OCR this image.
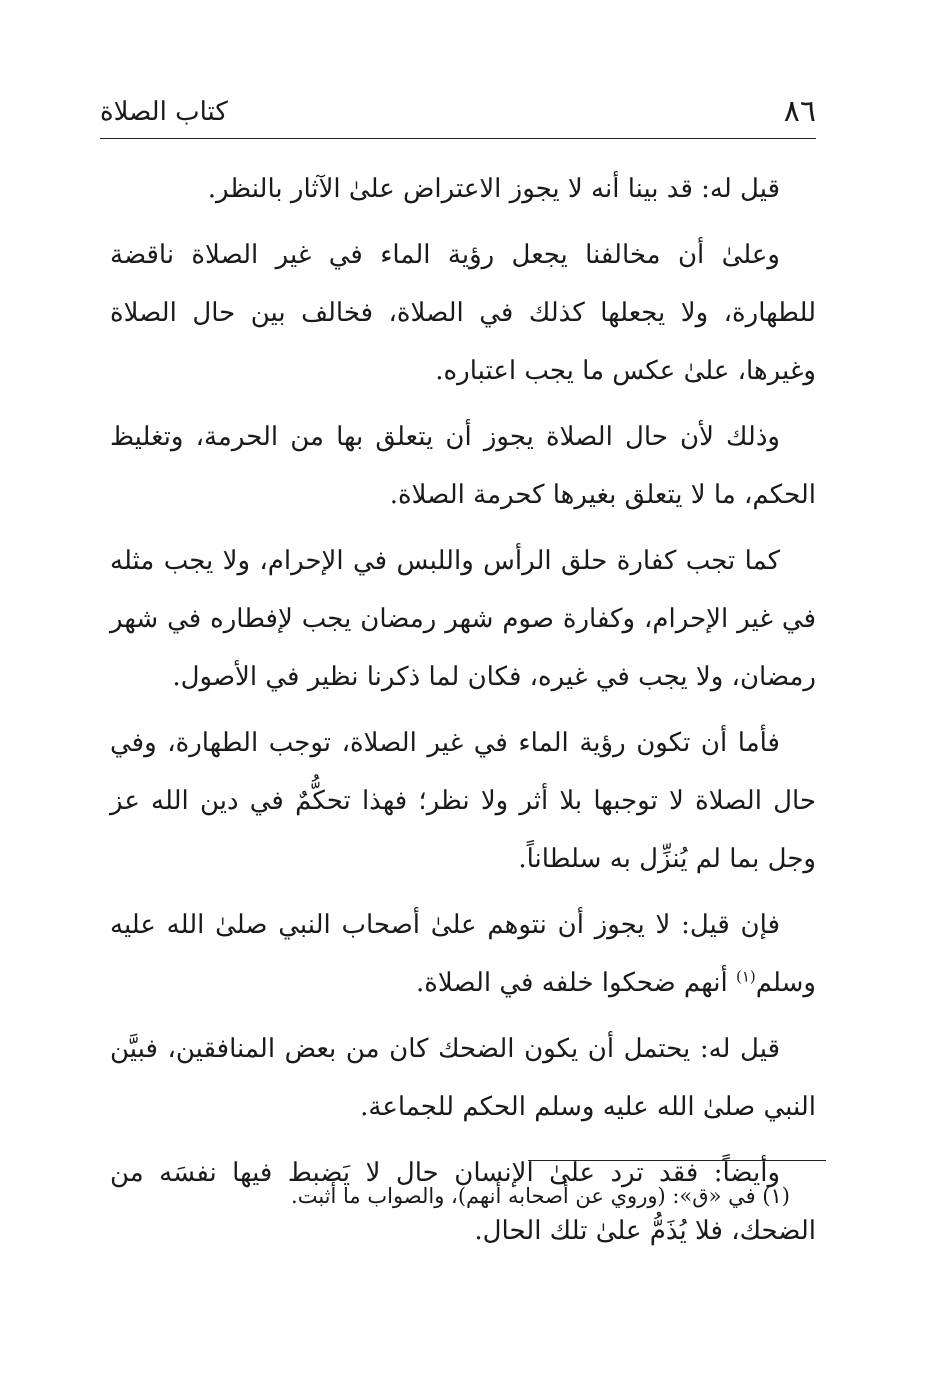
٨٦
كتاب الصلاة

قيل له: قد بينا أنه لا يجوز الاعتراض علىٰ الآثار بالنظر.

وعلىٰ أن مخالفنا يجعل رؤية الماء في غير الصلاة ناقضة للطهارة، ولا يجعلها كذلك في الصلاة، فخالف بين حال الصلاة وغيرها، علىٰ عكس ما يجب اعتباره.

وذلك لأن حال الصلاة يجوز أن يتعلق بها من الحرمة، وتغليظ الحكم، ما لا يتعلق بغيرها كحرمة الصلاة.

كما تجب كفارة حلق الرأس واللبس في الإحرام، ولا يجب مثله في غير الإحرام، وكفارة صوم شهر رمضان يجب لإفطاره في شهر رمضان، ولا يجب في غيره، فكان لما ذكرنا نظير في الأصول.

فأما أن تكون رؤية الماء في غير الصلاة، توجب الطهارة، وفي حال الصلاة لا توجبها بلا أثر ولا نظر؛ فهذا تحكُّمٌ في دين الله عز وجل بما لم يُنزِّل به سلطاناً.

فإن قيل: لا يجوز أن نتوهم علىٰ أصحاب النبي صلىٰ الله عليه وسلم$^{(١)}$ أنهم ضحكوا خلفه في الصلاة.

قيل له: يحتمل أن يكون الضحك كان من بعض المنافقين، فبيَّن النبي صلىٰ الله عليه وسلم الحكم للجماعة.

وأيضاً: فقد ترد علىٰ الإنسان حال لا يَضبط فيها نفسَه من الضحك، فلا يُذَمُّ علىٰ تلك الحال.

(١) في «ق»: (وروي عن أصحابه أنهم)، والصواب ما أثبت.
